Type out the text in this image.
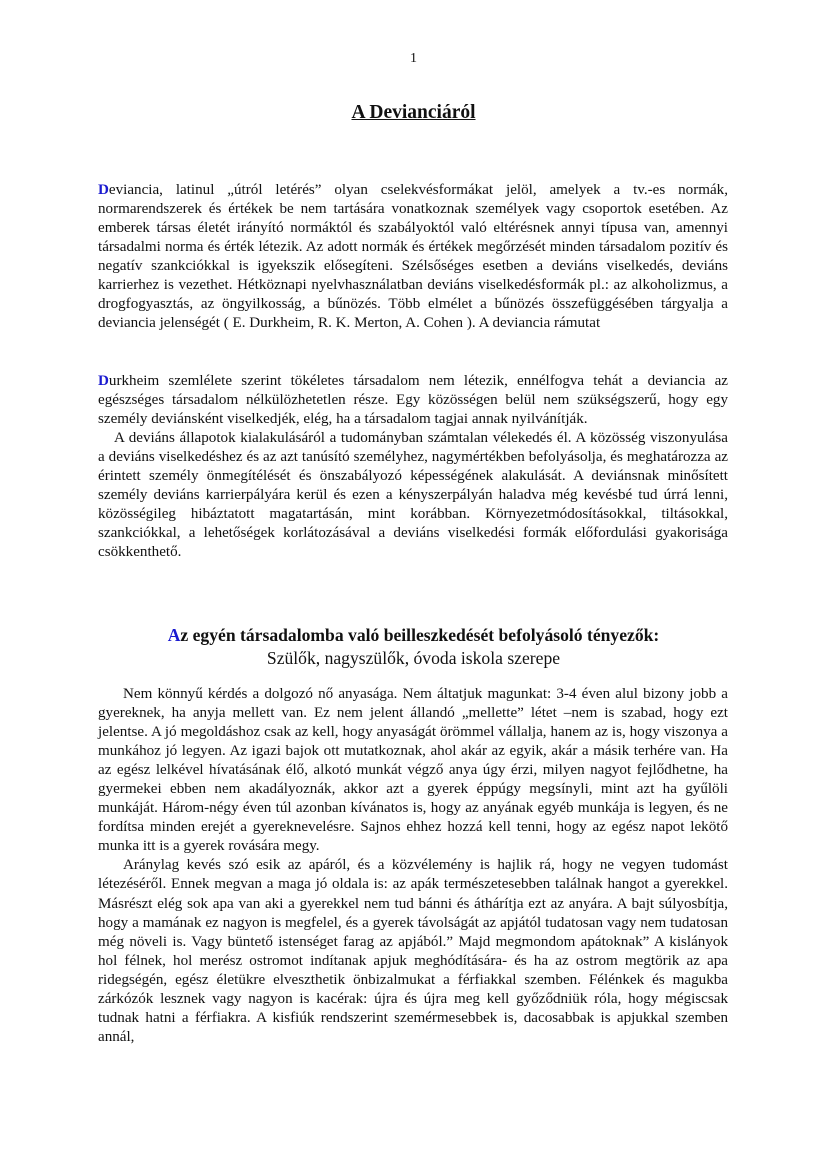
1
A Devianciáról

Deviancia, latinul „útról letérés” olyan cselekvésformákat jelöl, amelyek a tv.-es normák, normarendszerek és értékek be nem tartására vonatkoznak személyek vagy csoportok esetében. Az emberek társas életét irányító normáktól és szabályoktól való eltérésnek annyi típusa van, amennyi társadalmi norma és érték létezik. Az adott normák és értékek megőrzését minden társadalom pozitív és negatív szankciókkal is igyekszik elősegíteni. Szélsőséges esetben a deviáns viselkedés, deviáns karrierhez is vezethet. Hétköznapi nyelvhasználatban deviáns viselkedésformák pl.: az alkoholizmus, a drogfogyasztás, az öngyilkosság, a bűnözés. Több elmélet a bűnözés összefüggésében tárgyalja a deviancia jelenségét ( E. Durkheim, R. K. Merton, A. Cohen ). A deviancia rámutat

Durkheim szemlélete szerint tökéletes társadalom nem létezik, ennélfogva tehát a deviancia az egészséges társadalom nélkülözhetetlen része. Egy közösségen belül nem szükségszerű, hogy egy személy deviánsként viselkedjék, elég, ha a társadalom tagjai annak nyilvánítják.

A deviáns állapotok kialakulásáról a tudományban számtalan vélekedés él. A közösség viszonyulása a deviáns viselkedéshez és az azt tanúsító személyhez, nagymértékben befolyásolja, és meghatározza az érintett személy önmegítélését és önszabályozó képességének alakulását. A deviánsnak minősített személy deviáns karrierpályára kerül és ezen a kényszerpályán haladva még kevésbé tud úrrá lenni, közösségileg hibáztatott magatartásán, mint korábban. Környezetmódosításokkal, tiltásokkal, szankciókkal, a lehetőségek korlátozásával a deviáns viselkedési formák előfordulási gyakorisága csökkenthető.

Az egyén társadalomba való beilleszkedését befolyásoló tényezők:
Szülők, nagyszülők, óvoda iskola szerepe

Nem könnyű kérdés a dolgozó nő anyasága. Nem áltatjuk magunkat: 3-4 éven alul bizony jobb a gyereknek, ha anyja mellett van. Ez nem jelent állandó „mellette” létet –nem is szabad, hogy ezt jelentse. A jó megoldáshoz csak az kell, hogy anyaságát örömmel vállalja, hanem az is, hogy viszonya a munkához jó legyen. Az igazi bajok ott mutatkoznak, ahol akár az egyik, akár a másik terhére van. Ha az egész lelkével hívatásának élő, alkotó munkát végző anya úgy érzi, milyen nagyot fejlődhetne, ha gyermekei ebben nem akadályoznák, akkor azt a gyerek éppúgy megsínyli, mint azt ha gyűlöli munkáját. Három-négy éven túl azonban kívánatos is, hogy az anyának egyéb munkája is legyen, és ne fordítsa minden erejét a gyereknevelésre. Sajnos ehhez hozzá kell tenni, hogy az egész napot lekötő munka itt is a gyerek rovására megy.

Aránylag kevés szó esik az apáról, és a közvélemény is hajlik rá, hogy ne vegyen tudomást létezéséről. Ennek megvan a maga jó oldala is: az apák természetesebben találnak hangot a gyerekkel. Másrészt elég sok apa van aki a gyerekkel nem tud bánni és áthárítja ezt az anyára. A bajt súlyosbítja, hogy a mamának ez nagyon is megfelel, és a gyerek távolságát az apjától tudatosan vagy nem tudatosan még növeli is. Vagy büntető istenséget farag az apjából.” Majd megmondom apátoknak” A kislányok hol félnek, hol merész ostromot indítanak apjuk meghódítására- és ha az ostrom megtörik az apa ridegségén, egész életükre elveszthetik önbizalmukat a férfiakkal szemben. Félénkek és magukba zárkózók lesznek vagy nagyon is kacérak: újra és újra meg kell győződniük róla, hogy mégiscsak tudnak hatni a férfiakra. A kisfiúk rendszerint szemérmesebbek is, dacosabbak is apjukkal szemben annál,
